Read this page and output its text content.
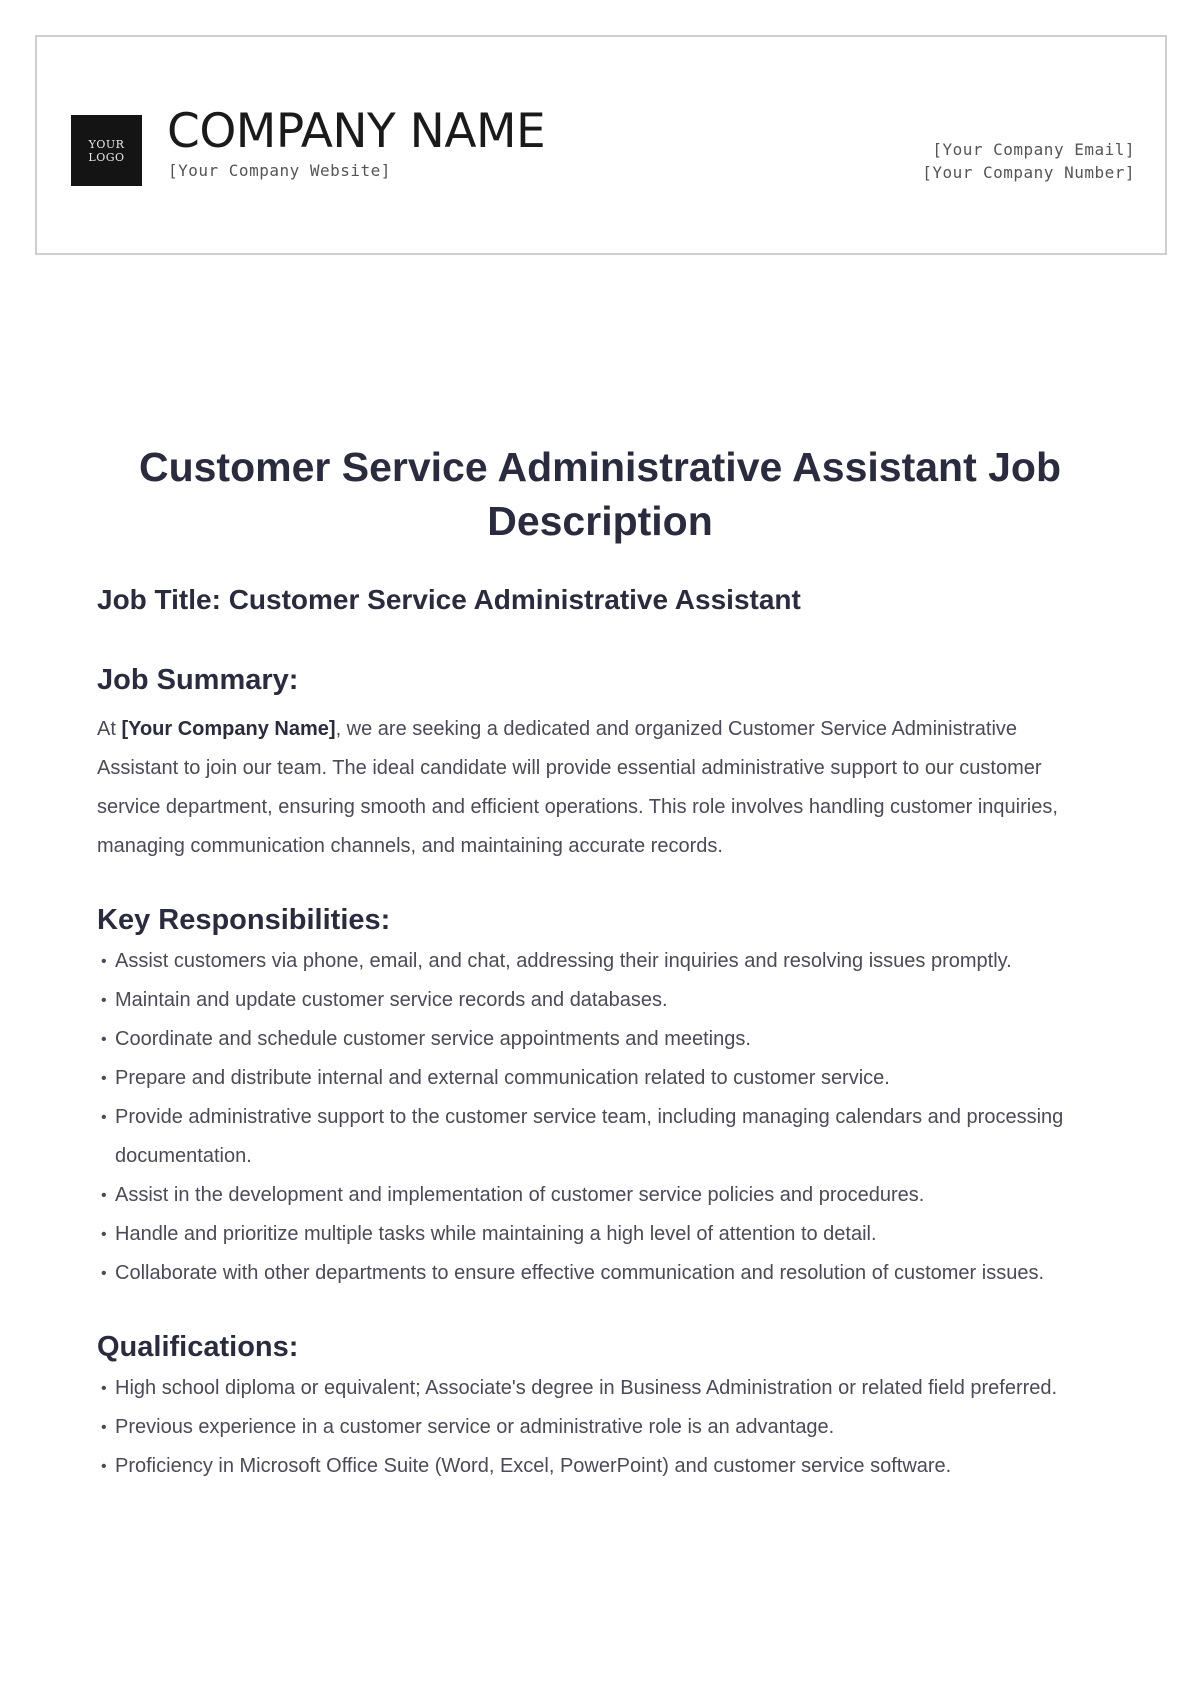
YOUR
LOGO COMPANY NAME
[Your Company Website]
[Your Company Email]
[Your Company Number]
Customer Service Administrative Assistant Job Description
Job Title: Customer Service Administrative Assistant
Job Summary:

At [Your Company Name], we are seeking a dedicated and organized Customer Service Administrative Assistant to join our team. The ideal candidate will provide essential administrative support to our customer service department, ensuring smooth and efficient operations. This role involves handling customer inquiries, managing communication channels, and maintaining accurate records.

Key Responsibilities:
• Assist customers via phone, email, and chat, addressing their inquiries and resolving issues promptly.
• Maintain and update customer service records and databases.
• Coordinate and schedule customer service appointments and meetings.
• Prepare and distribute internal and external communication related to customer service.
• Provide administrative support to the customer service team, including managing calendars and processing documentation.
• Assist in the development and implementation of customer service policies and procedures.
• Handle and prioritize multiple tasks while maintaining a high level of attention to detail.
• Collaborate with other departments to ensure effective communication and resolution of customer issues.
Qualifications:
• High school diploma or equivalent; Associate's degree in Business Administration or related field preferred.
• Previous experience in a customer service or administrative role is an advantage.
• Proficiency in Microsoft Office Suite (Word, Excel, PowerPoint) and customer service software.
